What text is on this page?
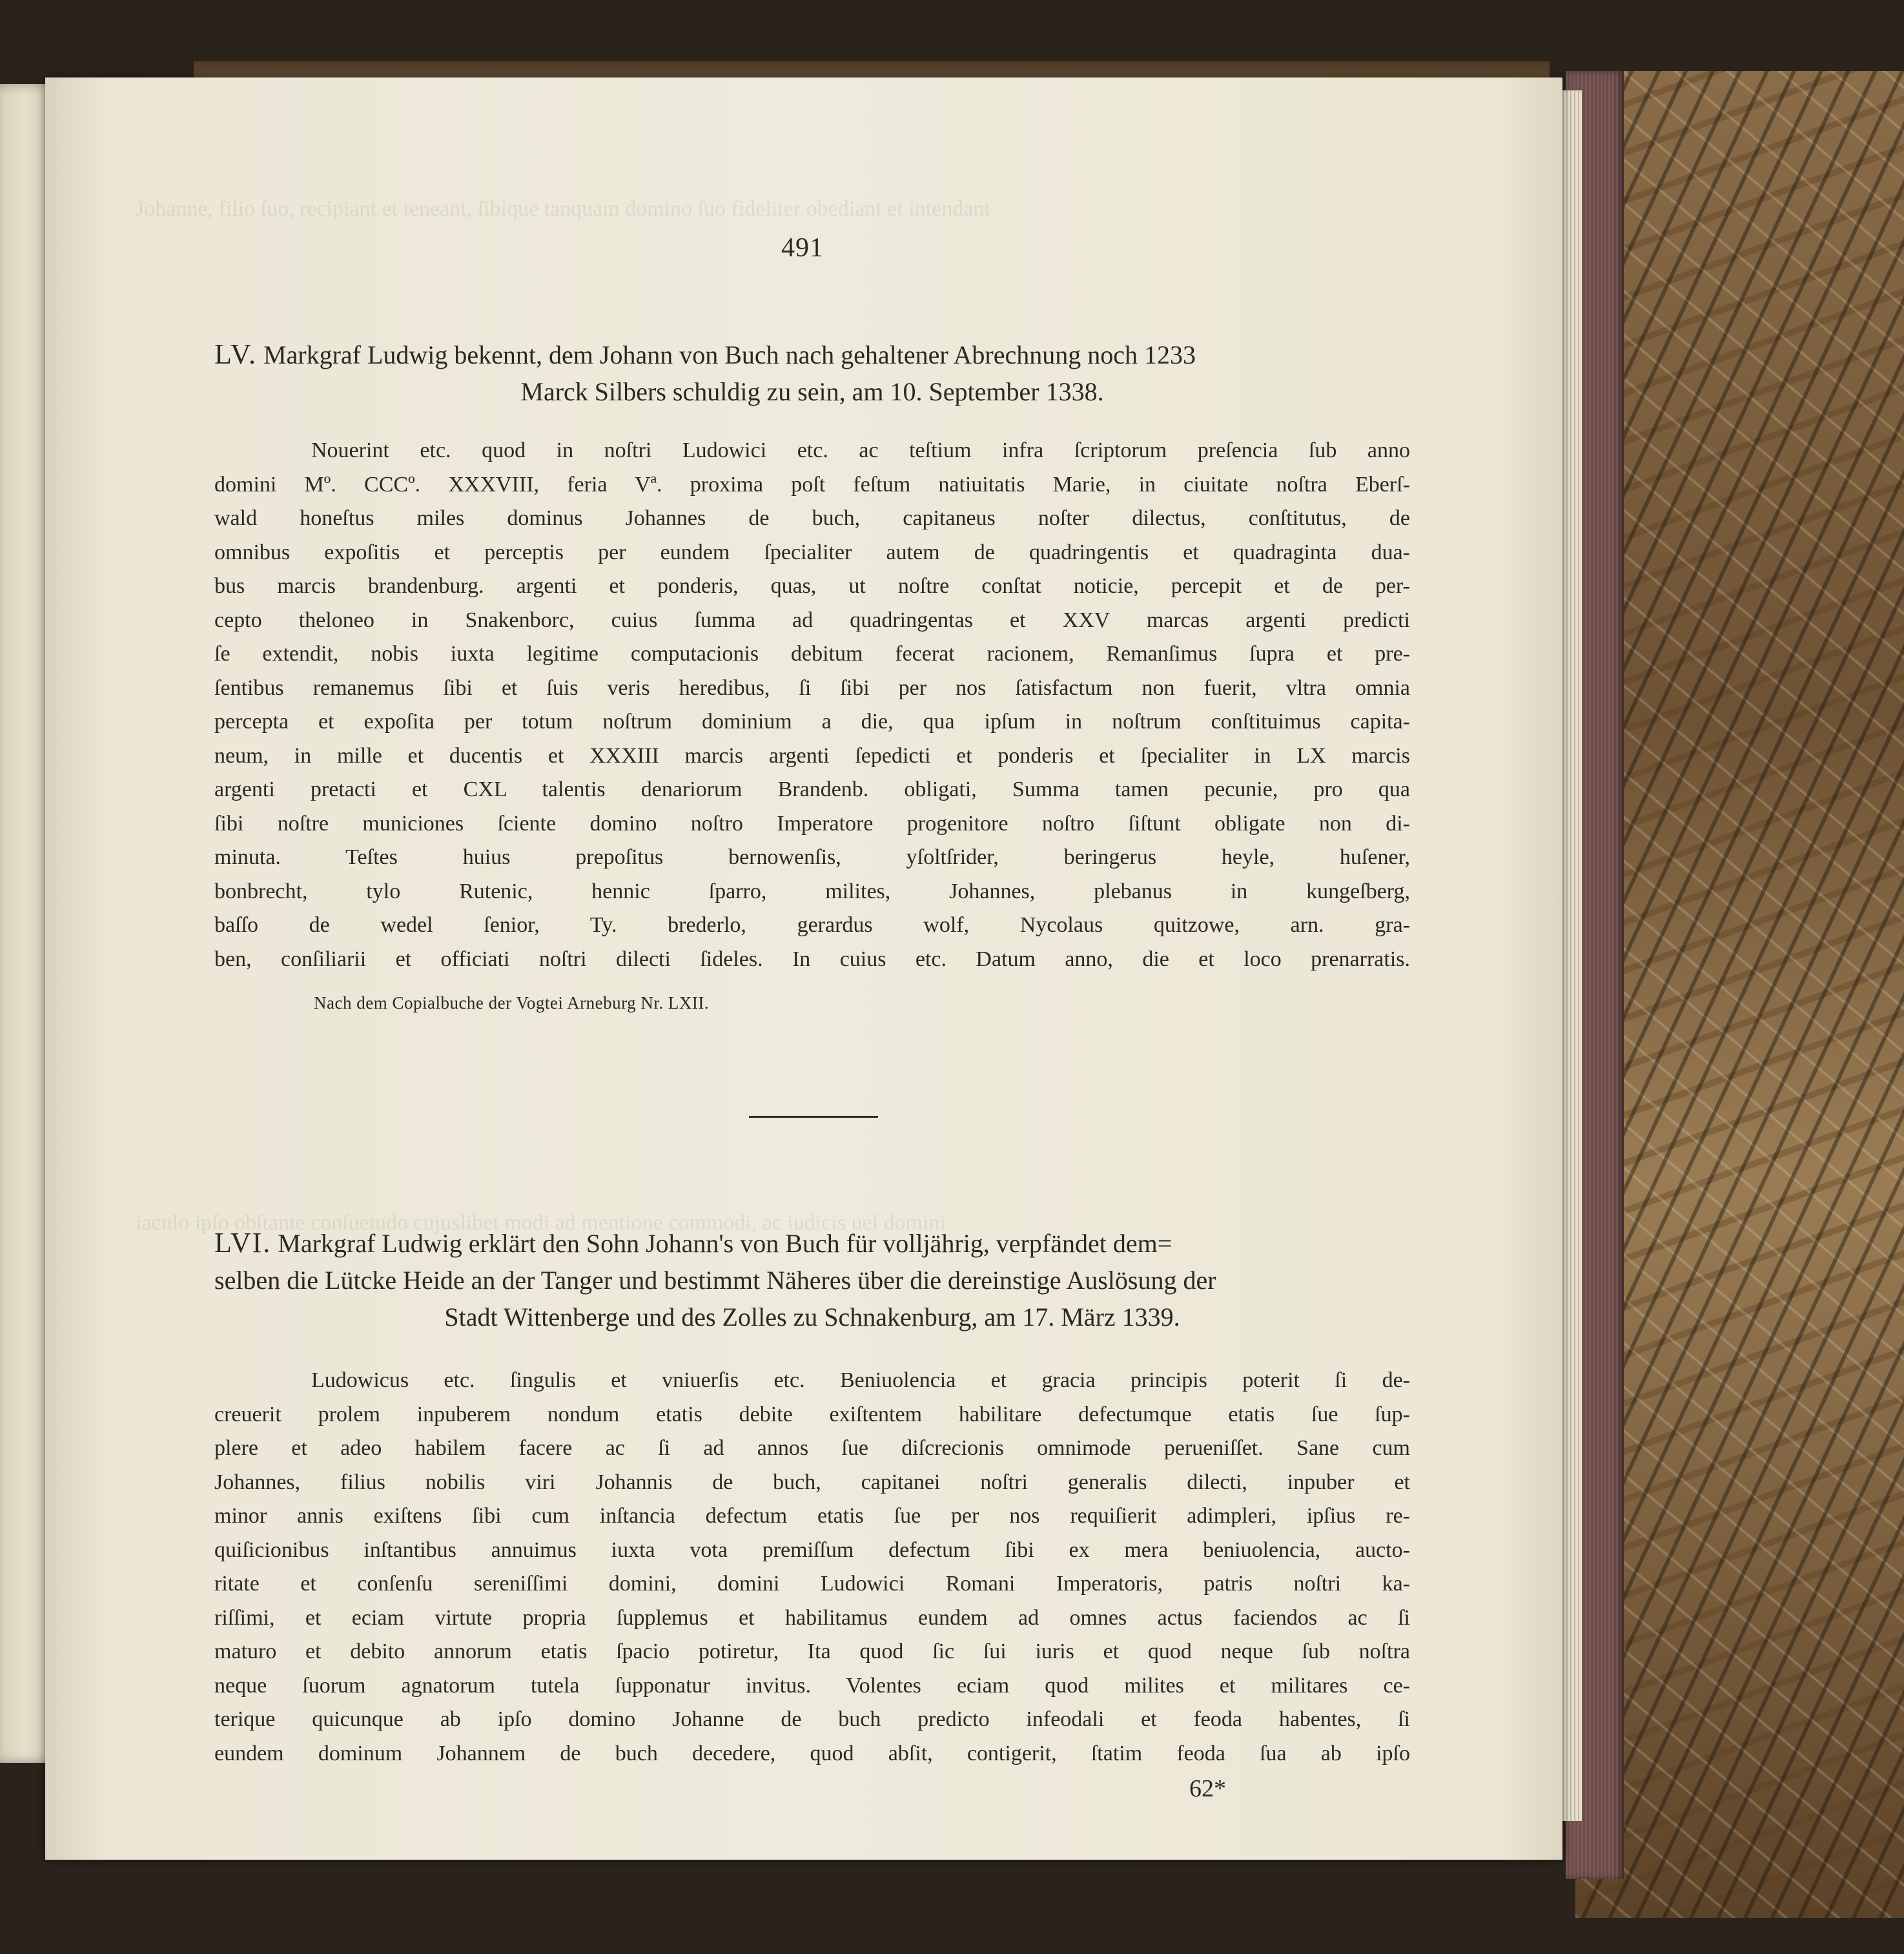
Johanne, filio ſuo, recipiant et teneant, ſibique tanquam domino ſuo fideliter obediant et intendant
iaculo ipſo obſtante conſuetudo cujuslibet modi ad mentione commodi, ac iudicis uel domini
491
LV. Markgraf Ludwig bekennt, dem Johann von Buch nach gehaltener Abrechnung noch 1233
Marck Silbers schuldig zu sein, am 10. September 1338.
Nouerint etc. quod in noſtri Ludowici etc. ac teſtium infra ſcriptorum preſencia ſub anno
domini Mº. CCCº. XXXVIII, feria Vª. proxima poſt feſtum natiuitatis Marie, in ciuitate noſtra Eberſ-
wald honeſtus miles dominus Johannes de buch, capitaneus noſter dilectus, conſtitutus, de
omnibus expoſitis et perceptis per eundem ſpecialiter autem de quadringentis et quadraginta dua-
bus marcis brandenburg. argenti et ponderis, quas, ut noſtre conſtat noticie, percepit et de per-
cepto theloneo in Snakenborc, cuius ſumma ad quadringentas et XXV marcas argenti predicti
ſe extendit, nobis iuxta legitime computacionis debitum fecerat racionem, Remanſimus ſupra et pre-
ſentibus remanemus ſibi et ſuis veris heredibus, ſi ſibi per nos ſatisfactum non fuerit, vltra omnia
percepta et expoſita per totum noſtrum dominium a die, qua ipſum in noſtrum conſtituimus capita-
neum, in mille et ducentis et XXXIII marcis argenti ſepedicti et ponderis et ſpecialiter in LX marcis
argenti pretacti et CXL talentis denariorum Brandenb. obligati, Summa tamen pecunie, pro qua
ſibi noſtre municiones ſciente domino noſtro Imperatore progenitore noſtro ſiſtunt obligate non di-
minuta. Teſtes huius prepoſitus bernowenſis, yſoltſrider, beringerus heyle, huſener,
bonbrecht, tylo Rutenic, hennic ſparro, milites, Johannes, plebanus in kungeſberg,
baſſo de wedel ſenior, Ty. brederlo, gerardus wolf, Nycolaus quitzowe, arn. gra-
ben, conſiliarii et officiati noſtri dilecti ſideles. In cuius etc. Datum anno, die et loco prenarratis.
Nach dem Copialbuche der Vogtei Arneburg Nr. LXII.
LVI. Markgraf Ludwig erklärt den Sohn Johann's von Buch für volljährig, verpfändet dem=
selben die Lütcke Heide an der Tanger und bestimmt Näheres über die dereinstige Auslösung der
Stadt Wittenberge und des Zolles zu Schnakenburg, am 17. März 1339.
Ludowicus etc. ſingulis et vniuerſis etc. Beniuolencia et gracia principis poterit ſi de-
creuerit prolem inpuberem nondum etatis debite exiſtentem habilitare defectumque etatis ſue ſup-
plere et adeo habilem facere ac ſi ad annos ſue diſcrecionis omnimode perueniſſet. Sane cum
Johannes, filius nobilis viri Johannis de buch, capitanei noſtri generalis dilecti, inpuber et
minor annis exiſtens ſibi cum inſtancia defectum etatis ſue per nos requiſierit adimpleri, ipſius re-
quiſicionibus inſtantibus annuimus iuxta vota premiſſum defectum ſibi ex mera beniuolencia, aucto-
ritate et conſenſu sereniſſimi domini, domini Ludowici Romani Imperatoris, patris noſtri ka-
riſſimi, et eciam virtute propria ſupplemus et habilitamus eundem ad omnes actus faciendos ac ſi
maturo et debito annorum etatis ſpacio potiretur, Ita quod ſic ſui iuris et quod neque ſub noſtra
neque ſuorum agnatorum tutela ſupponatur invitus. Volentes eciam quod milites et militares ce-
terique quicunque ab ipſo domino Johanne de buch predicto infeodali et feoda habentes, ſi
eundem dominum Johannem de buch decedere, quod abſit, contigerit, ſtatim feoda ſua ab ipſo
62*
